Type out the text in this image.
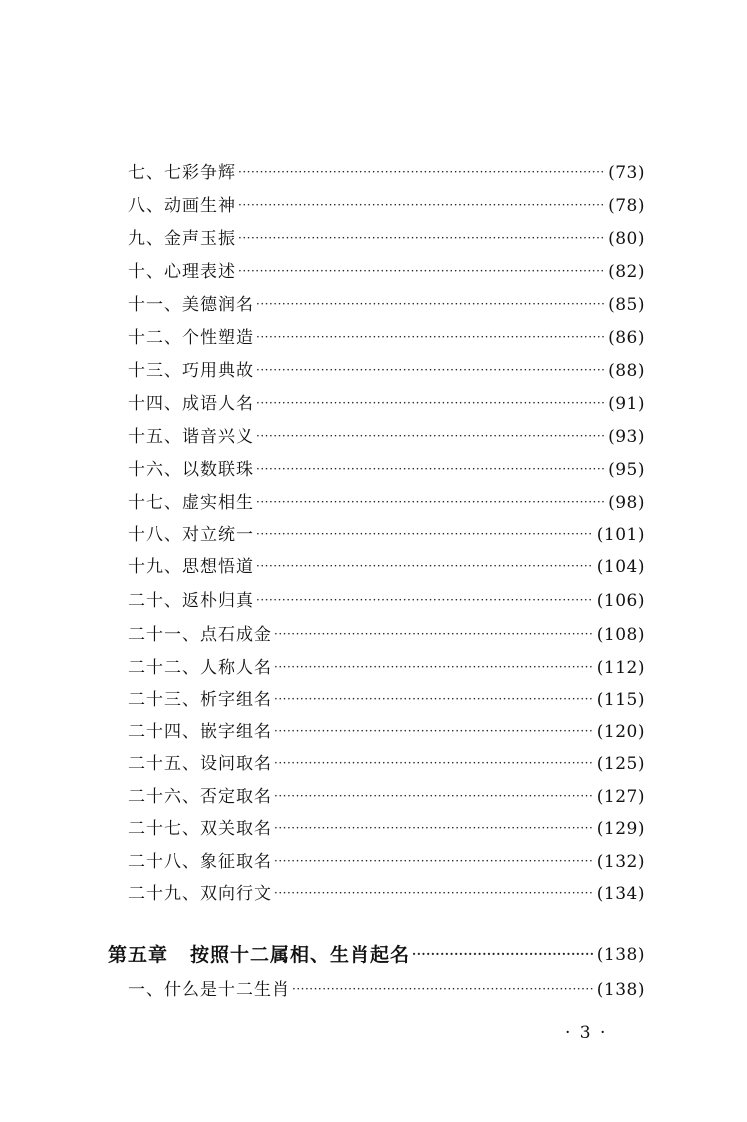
七、七彩争辉 ·····	(73)
八、动画生神 ·····	(78)
九、金声玉振 ·····	(80)
十、心理表述 ·····	(82)
十一、美德润名 ·····	(85)
十二、个性塑造 ·····	(86)
十三、巧用典故 ·····	(88)
十四、成语人名 ·····	(91)
十五、谐音兴义 ·····	(93)
十六、以数联珠 ·····	(95)
十七、虚实相生 ·····	(98)
十八、对立统一 ·····	(101)
十九、思想悟道 ·····	(104)
二十、返朴归真 ·····	(106)
二十一、点石成金 ·····	(108)
二十二、人称人名 ·····	(112)
二十三、析字组名 ·····	(115)
二十四、嵌字组名 ·····	(120)
二十五、设问取名 ·····	(125)
二十六、否定取名 ·····	(127)
二十七、双关取名 ·····	(129)
二十八、象征取名 ·····	(132)
二十九、双向行文 ·····	(134)
第五章 按照十二属相、生肖起名 ·····	(138)
一、什么是十二生肖 ·····	(138)
· 3 ·
